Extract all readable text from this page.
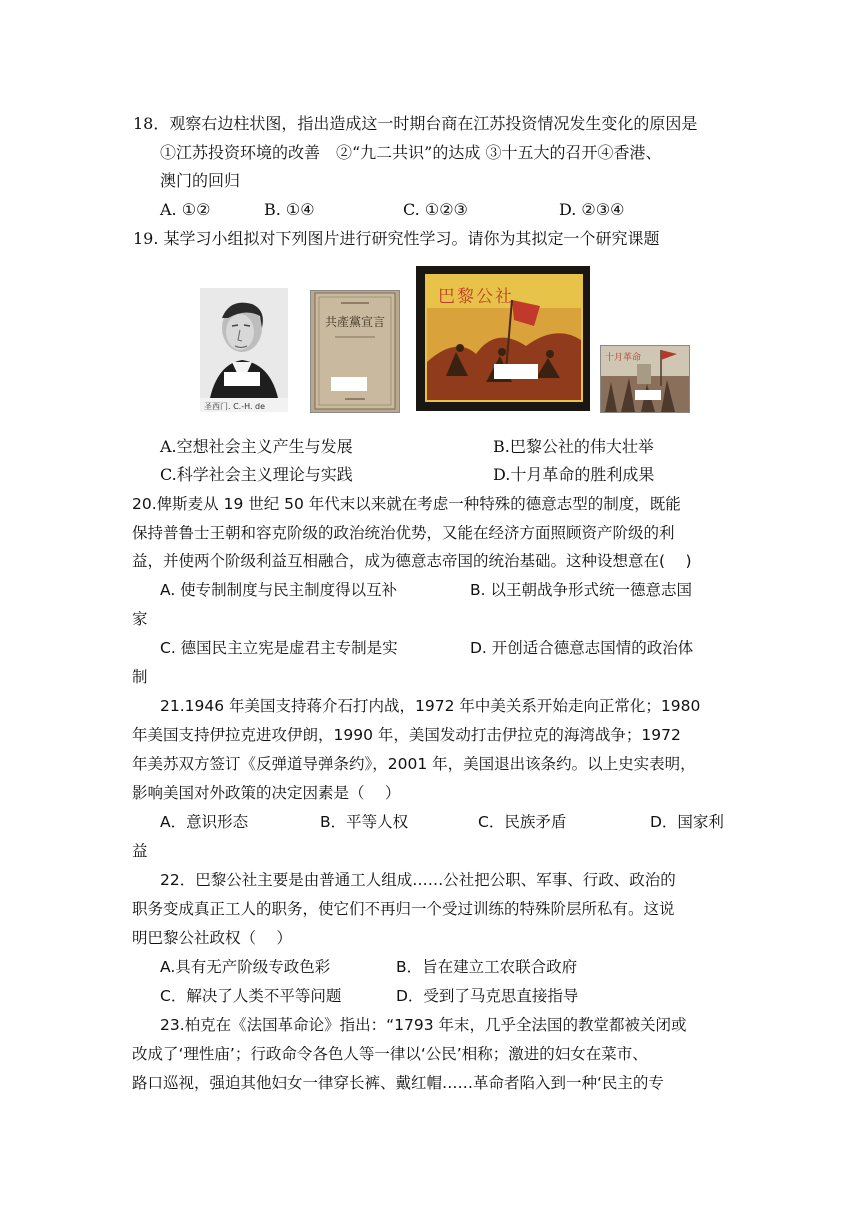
18．观察右边柱状图，指出造成这一时期台商在江苏投资情况发生变化的原因是
①江苏投资环境的改善　②“九二共识”的达成 ③十五大的召开④香港、
澳门的回归
A. ①②	B. ①④	C. ①②③	D. ②③④
19. 某学习小组拟对下列图片进行研究性学习。请你为其拟定一个研究课题
圣西门. C.-H. de
共產黨宣言
巴黎公社
十月革命
A.空想社会主义产生与发展	B.巴黎公社的伟大壮举
C.科学社会主义理论与实践	D.十月革命的胜利成果
20.俾斯麦从 19 世纪 50 年代末以来就在考虑一种特殊的德意志型的制度，既能
保持普鲁士王朝和容克阶级的政治统治优势，又能在经济方面照顾资产阶级的利
益，并使两个阶级利益互相融合，成为德意志帝国的统治基础。这种设想意在(　 )
A. 使专制制度与民主制度得以互补	B. 以王朝战争形式统一德意志国
家
C. 德国民主立宪是虚君主专制是实	D. 开创适合德意志国情的政治体
制
21.1946 年美国支持蒋介石打内战，1972 年中美关系开始走向正常化；1980
年美国支持伊拉克进攻伊朗，1990 年，美国发动打击伊拉克的海湾战争；1972
年美苏双方签订《反弹道导弹条约》，2001 年，美国退出该条约。以上史实表明，
影响美国对外政策的决定因素是（　 ）
A．意识形态	B．平等人权	C．民族矛盾	D．国家利
益
22．巴黎公社主要是由普通工人组成……公社把公职、军事、行政、政治的
职务变成真正工人的职务，使它们不再归一个受过训练的特殊阶层所私有。这说
明巴黎公社政权（　 ）
A.具有无产阶级专政色彩	B．旨在建立工农联合政府
C．解决了人类不平等问题	D．受到了马克思直接指导
23.柏克在《法国革命论》指出：“1793 年末，几乎全法国的教堂都被关闭或
改成了‘理性庙’；行政命令各色人等一律以‘公民’相称；激进的妇女在菜市、
路口巡视，强迫其他妇女一律穿长裤、戴红帽……革命者陷入到一种‘民主的专
